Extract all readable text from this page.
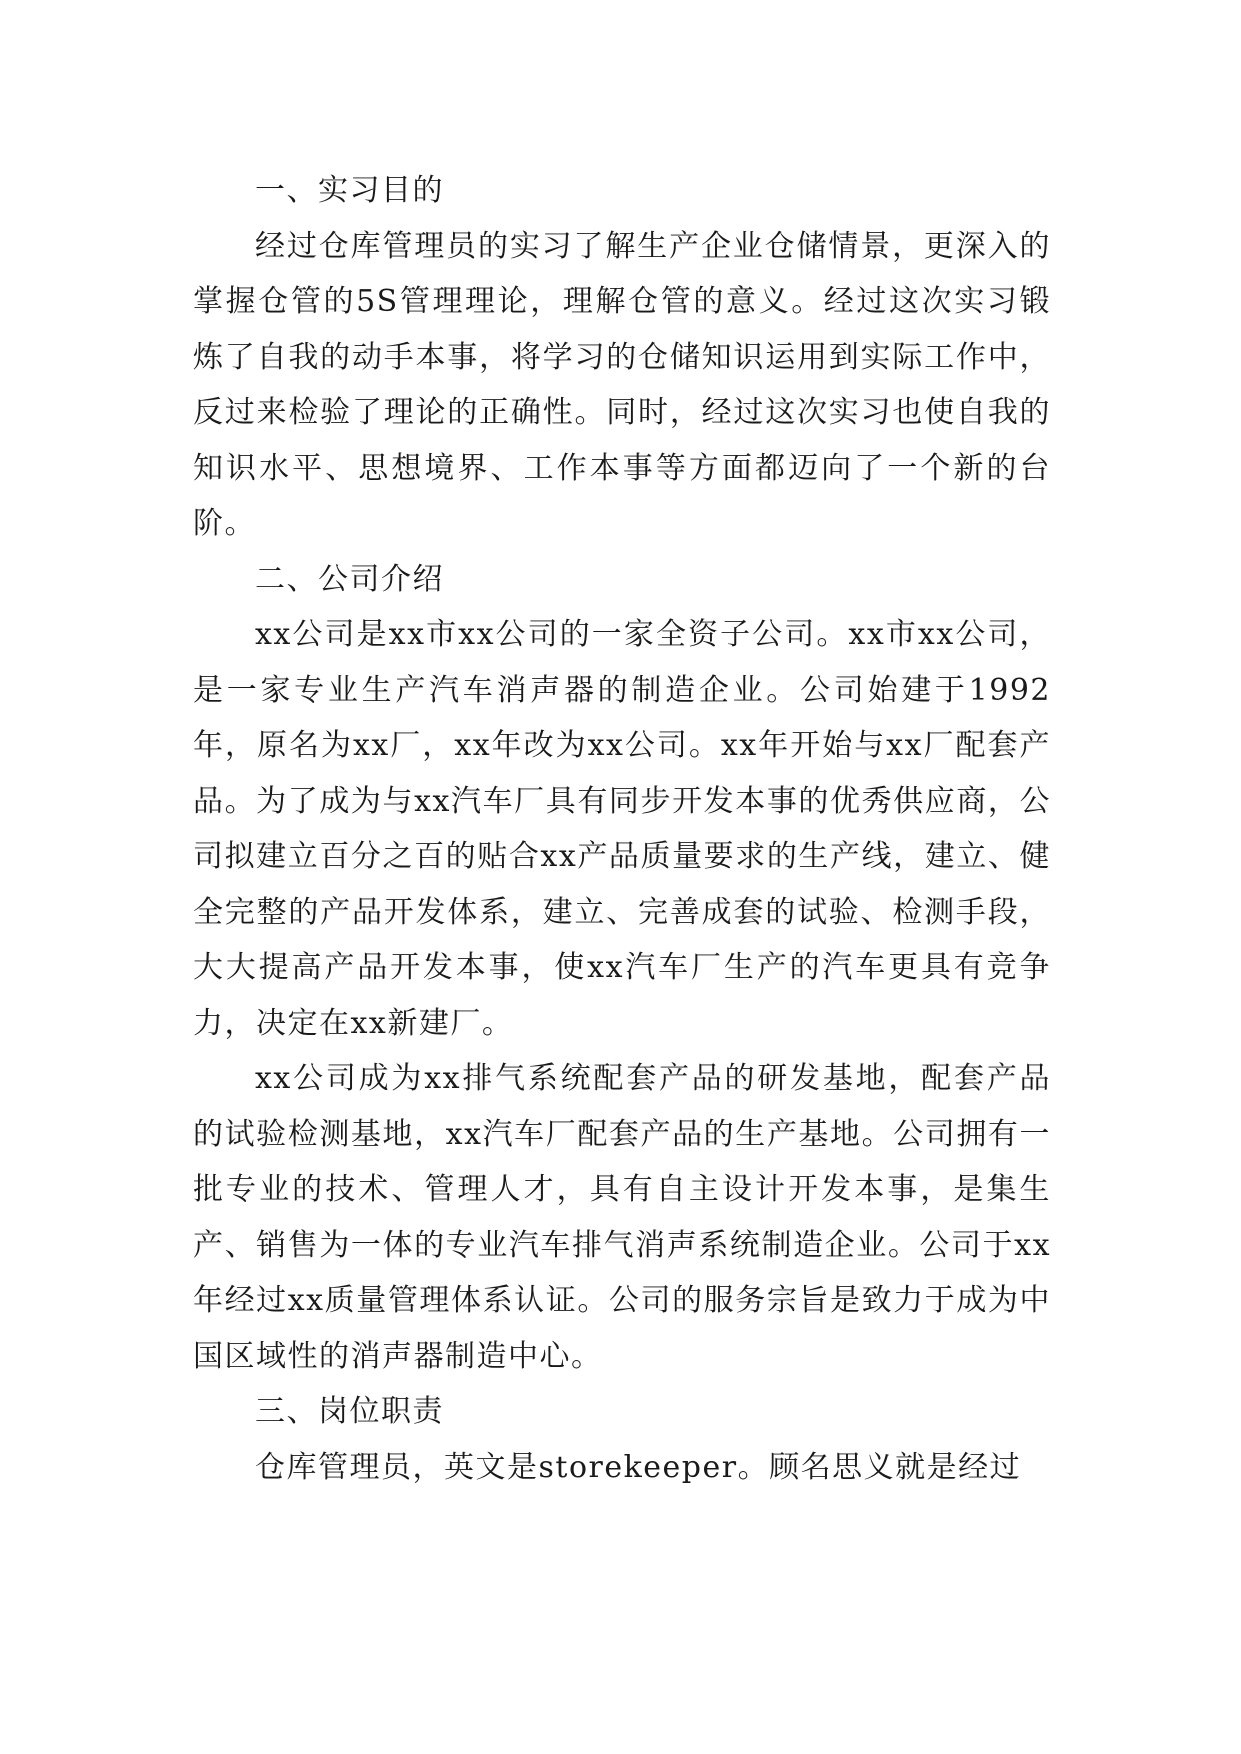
一、实习目的

经过仓库管理员的实习了解生产企业仓储情景，更深入的掌握仓管的5S管理理论，理解仓管的意义。经过这次实习锻炼了自我的动手本事，将学习的仓储知识运用到实际工作中，反过来检验了理论的正确性。同时，经过这次实习也使自我的知识水平、思想境界、工作本事等方面都迈向了一个新的台阶。

二、公司介绍

xx公司是xx市xx公司的一家全资子公司。xx市xx公司，是一家专业生产汽车消声器的制造企业。公司始建于1992年，原名为xx厂，xx年改为xx公司。xx年开始与xx厂配套产品。为了成为与xx汽车厂具有同步开发本事的优秀供应商，公司拟建立百分之百的贴合xx产品质量要求的生产线，建立、健全完整的产品开发体系，建立、完善成套的试验、检测手段，大大提高产品开发本事，使xx汽车厂生产的汽车更具有竞争力，决定在xx新建厂。

xx公司成为xx排气系统配套产品的研发基地，配套产品的试验检测基地，xx汽车厂配套产品的生产基地。公司拥有一批专业的技术、管理人才，具有自主设计开发本事，是集生产、销售为一体的专业汽车排气消声系统制造企业。公司于xx年经过xx质量管理体系认证。公司的服务宗旨是致力于成为中国区域性的消声器制造中心。

三、岗位职责

仓库管理员，英文是storekeeper。顾名思义就是经过
